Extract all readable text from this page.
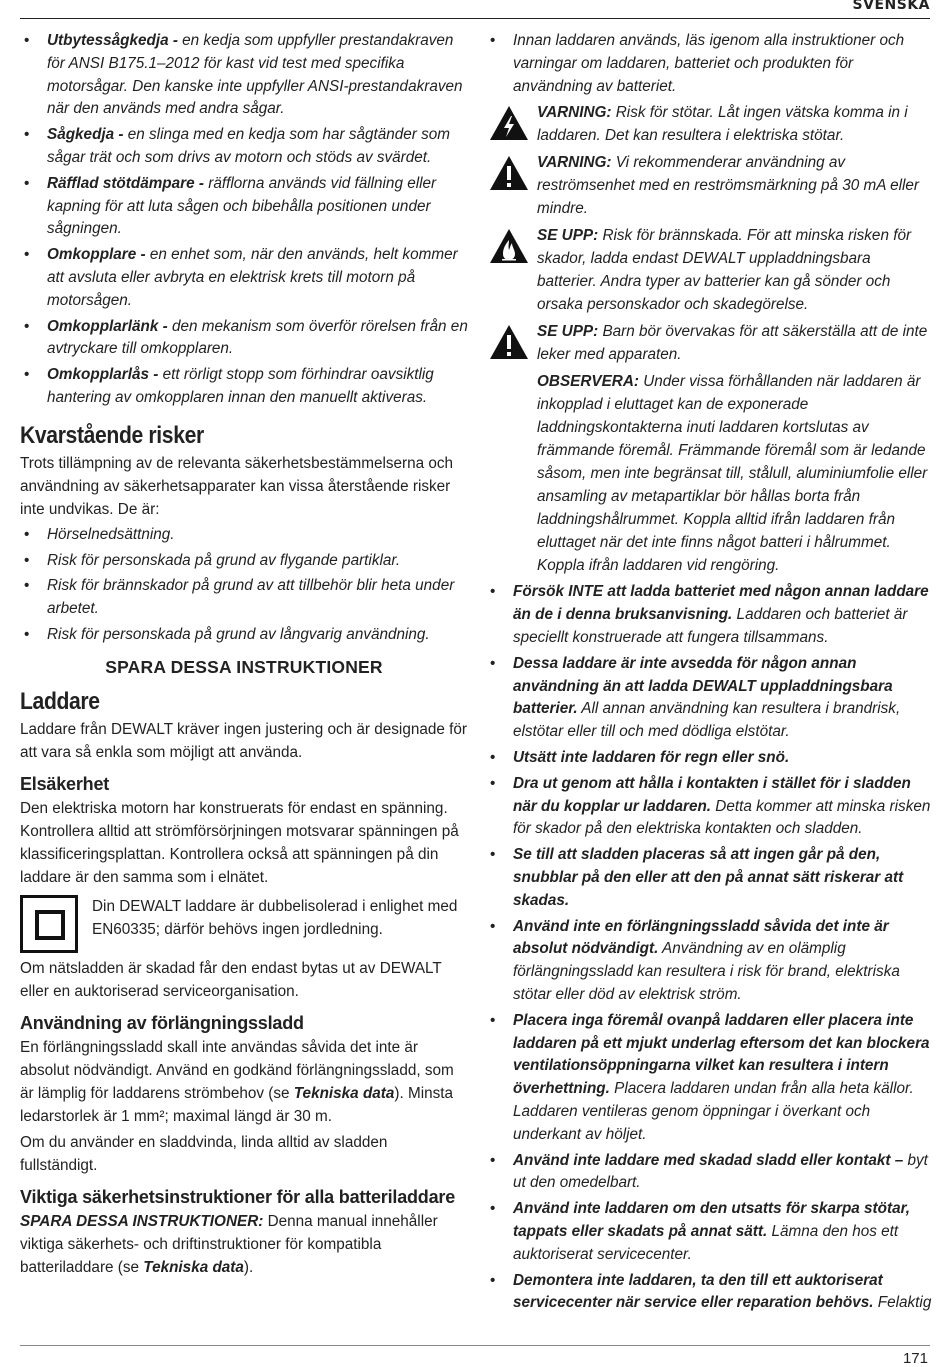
SVENSKA
• Utbytessågkedja - en kedja som uppfyller prestandakraven för ANSI B175.1–2012 för kast vid test med specifika motorsågar. Den kanske inte uppfyller ANSI-prestandakraven när den används med andra sågar.
• Sågkedja - en slinga med en kedja som har sågtänder som sågar trät och som drivs av motorn och stöds av svärdet.
• Räfflad stötdämpare - räfflorna används vid fällning eller kapning för att luta sågen och bibehålla positionen under sågningen.
• Omkopplare - en enhet som, när den används, helt kommer att avsluta eller avbryta en elektrisk krets till motorn på motorsågen.
• Omkopplarlänk - den mekanism som överför rörelsen från en avtryckare till omkopplaren.
• Omkopplarlås - ett rörligt stopp som förhindrar oavsiktlig hantering av omkopplaren innan den manuellt aktiveras.
Kvarstående risker

Trots tillämpning av de relevanta säkerhetsbestämmelserna och användning av säkerhetsapparater kan vissa återstående risker inte undvikas. De är:

• Hörselnedsättning.
• Risk för personskada på grund av flygande partiklar.
• Risk för brännskador på grund av att tillbehör blir heta under arbetet.
• Risk för personskada på grund av långvarig användning.
SPARA DESSA INSTRUKTIONER
Laddare

Laddare från DEWALT kräver ingen justering och är designade för att vara så enkla som möjligt att använda.

Elsäkerhet

Den elektriska motorn har konstruerats för endast en spänning. Kontrollera alltid att strömförsörjningen motsvarar spänningen på klassificeringsplattan. Kontrollera också att spänningen på din laddare är den samma som i elnätet.

Din DEWALT laddare är dubbelisolerad i enlighet med EN60335; därför behövs ingen jordledning.

Om nätsladden är skadad får den endast bytas ut av DEWALT eller en auktoriserad serviceorganisation.

Användning av förlängningssladd

En förlängningssladd skall inte användas såvida det inte är absolut nödvändigt. Använd en godkänd förlängningssladd, som är lämplig för laddarens strömbehov (se Tekniska data). Minsta ledarstorlek är 1 mm²; maximal längd är 30 m.

Om du använder en sladdvinda, linda alltid av sladden fullständigt.

Viktiga säkerhetsinstruktioner för alla batteriladdare

SPARA DESSA INSTRUKTIONER: Denna manual innehåller viktiga säkerhets- och driftinstruktioner för kompatibla batteriladdare (se Tekniska data).

• Innan laddaren används, läs igenom alla instruktioner och varningar om laddaren, batteriet och produkten för användning av batteriet.
VARNING: Risk för stötar. Låt ingen vätska komma in i laddaren. Det kan resultera i elektriska stötar.
VARNING: Vi rekommenderar användning av reströmsenhet med en reströmsmärkning på 30 mA eller mindre.
SE UPP: Risk för brännskada. För att minska risken för skador, ladda endast DEWALT uppladdningsbara batterier. Andra typer av batterier kan gå sönder och orsaka personskador och skadegörelse.
SE UPP: Barn bör övervakas för att säkerställa att de inte leker med apparaten.
OBSERVERA: Under vissa förhållanden när laddaren är inkopplad i eluttaget kan de exponerade laddningskontakterna inuti laddaren kortslutas av främmande föremål. Främmande föremål som är ledande såsom, men inte begränsat till, stålull, aluminiumfolie eller ansamling av metapartiklar bör hållas borta från laddningshålrummet. Koppla alltid ifrån laddaren från eluttaget när det inte finns något batteri i hålrummet. Koppla ifrån laddaren vid rengöring.
• Försök INTE att ladda batteriet med någon annan laddare än de i denna bruksanvisning. Laddaren och batteriet är speciellt konstruerade att fungera tillsammans.
• Dessa laddare är inte avsedda för någon annan användning än att ladda DEWALT uppladdningsbara batterier. All annan användning kan resultera i brandrisk, elstötar eller till och med dödliga elstötar.
• Utsätt inte laddaren för regn eller snö.
• Dra ut genom att hålla i kontakten i stället för i sladden när du kopplar ur laddaren. Detta kommer att minska risken för skador på den elektriska kontakten och sladden.
• Se till att sladden placeras så att ingen går på den, snubblar på den eller att den på annat sätt riskerar att skadas.
• Använd inte en förlängningssladd såvida det inte är absolut nödvändigt. Användning av en olämplig förlängningssladd kan resultera i risk för brand, elektriska stötar eller död av elektrisk ström.
• Placera inga föremål ovanpå laddaren eller placera inte laddaren på ett mjukt underlag eftersom det kan blockera ventilationsöppningarna vilket kan resultera i intern överhettning. Placera laddaren undan från alla heta källor. Laddaren ventileras genom öppningar i överkant och underkant av höljet.
• Använd inte laddare med skadad sladd eller kontakt – byt ut den omedelbart.
• Använd inte laddaren om den utsatts för skarpa stötar, tappats eller skadats på annat sätt. Lämna den hos ett auktoriserat servicecenter.
• Demontera inte laddaren, ta den till ett auktoriserat servicecenter när service eller reparation behövs. Felaktig
171
